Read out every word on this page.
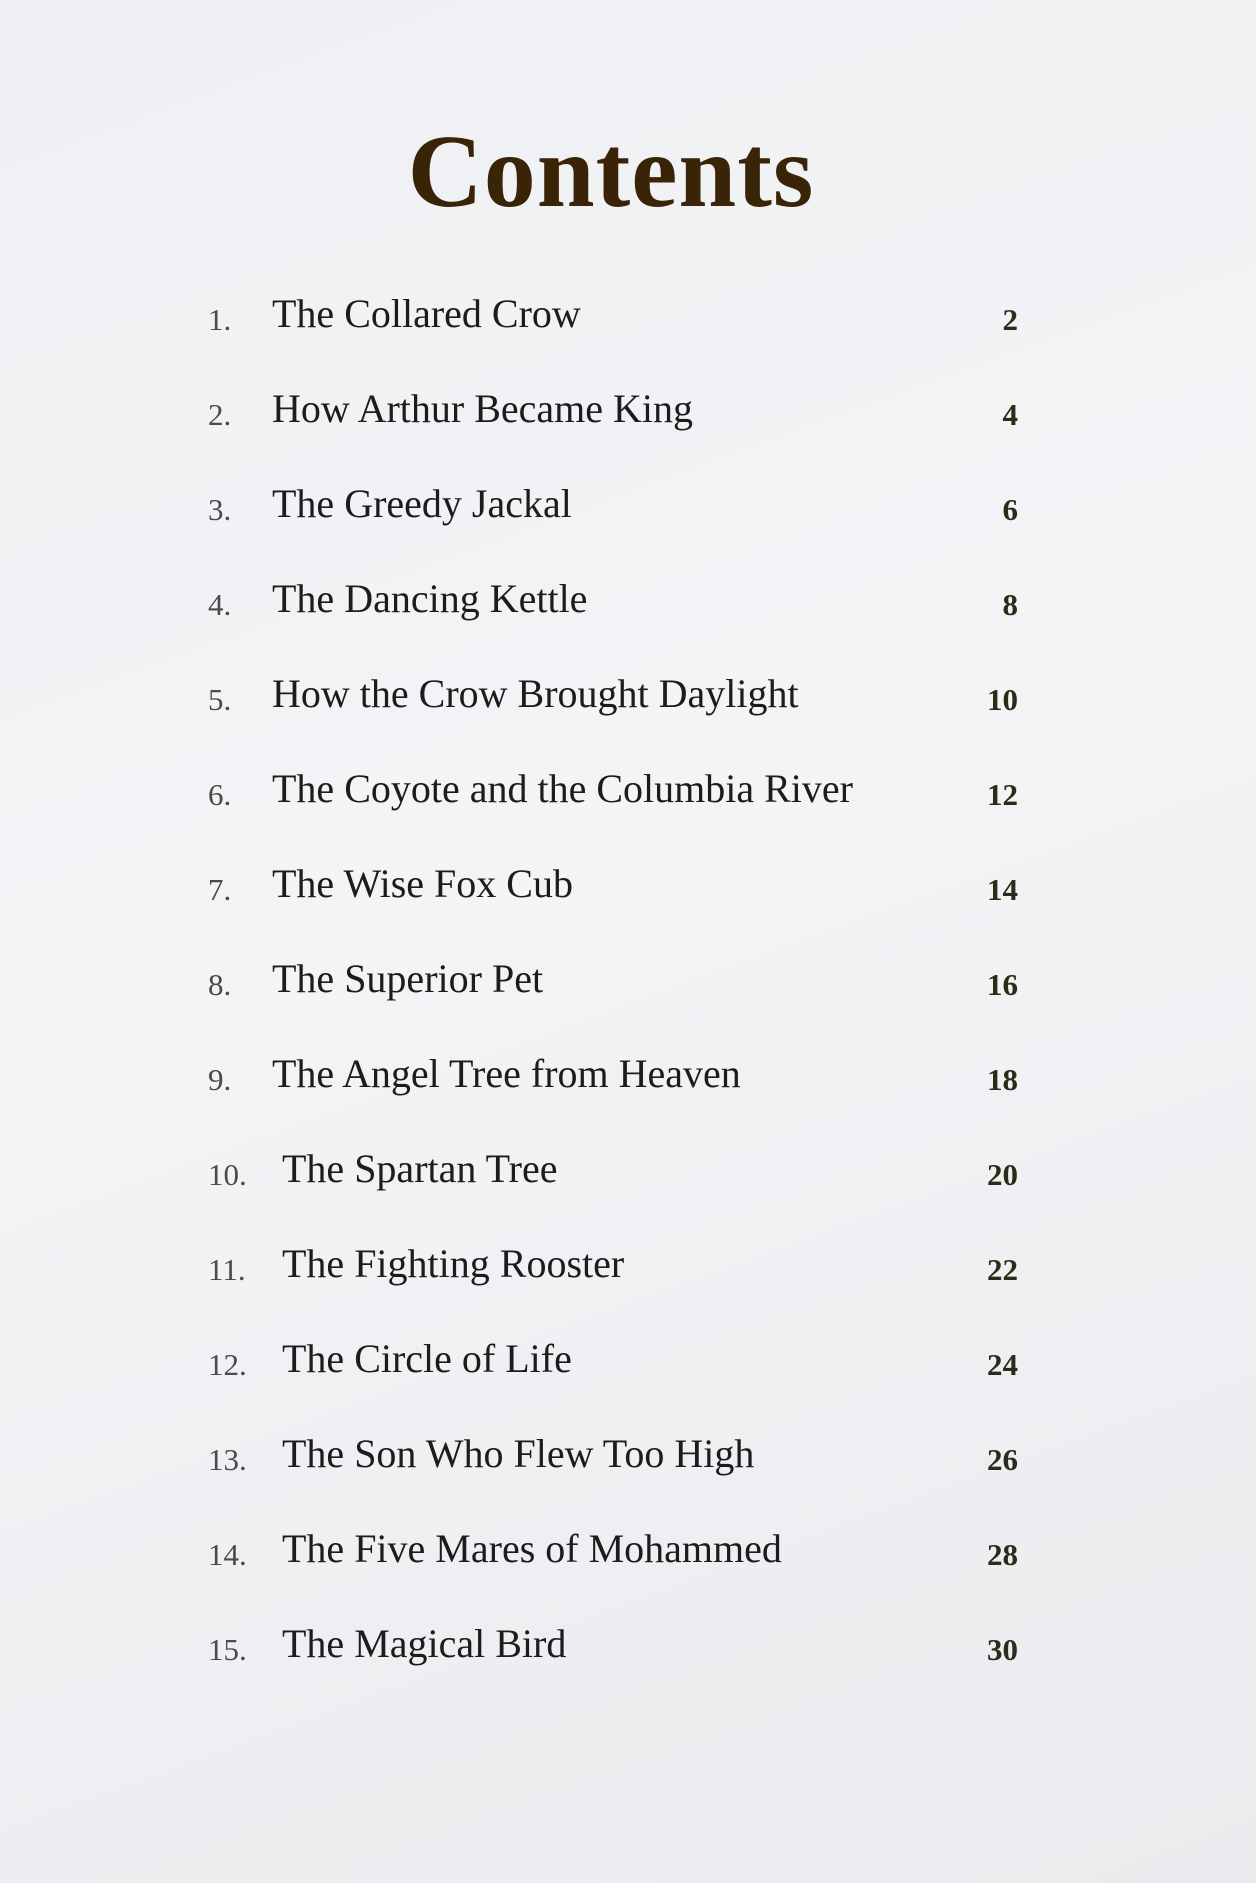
Contents
1.	The Collared Crow	2
2.	How Arthur Became King	4
3.	The Greedy Jackal	6
4.	The Dancing Kettle	8
5.	How the Crow Brought Daylight	10
6.	The Coyote and the Columbia River	12
7.	The Wise Fox Cub	14
8.	The Superior Pet	16
9.	The Angel Tree from Heaven	18
10. The Spartan Tree	20
11. The Fighting Rooster	22
12. The Circle of Life	24
13. The Son Who Flew Too High	26
14. The Five Mares of Mohammed	28
15. The Magical Bird	30
